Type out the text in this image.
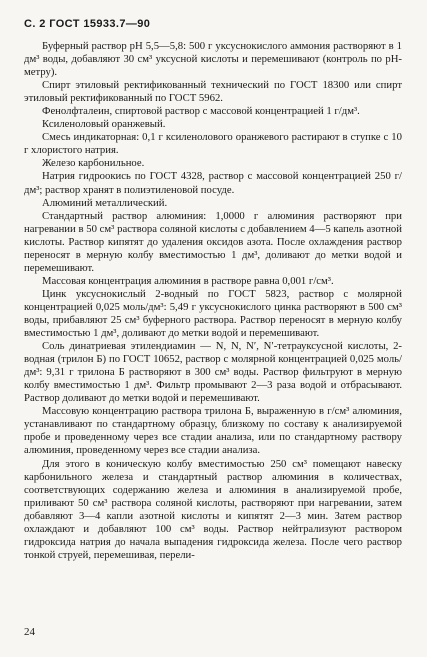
С. 2 ГОСТ 15933.7—90

Буферный раствор pH 5,5—5,8: 500 г уксуснокислого аммония растворяют в 1 дм³ воды, добавляют 30 см³ уксусной кислоты и перемешивают (контроль по pH-метру).

Спирт этиловый ректификованный технический по ГОСТ 18300 или спирт этиловый ректификованный по ГОСТ 5962.

Фенолфталеин, спиртовой раствор с массовой концентрацией 1 г/дм³.

Ксиленоловый оранжевый.

Смесь индикаторная: 0,1 г ксиленолового оранжевого растирают в ступке с 10 г хлористого натрия.

Железо карбонильное.

Натрия гидроокись по ГОСТ 4328, раствор с массовой концентрацией 250 г/дм³; раствор хранят в полиэтиленовой посуде.

Алюминий металлический.

Стандартный раствор алюминия: 1,0000 г алюминия растворяют при нагревании в 50 см³ раствора соляной кислоты с добавлением 4—5 капель азотной кислоты. Раствор кипятят до удаления оксидов азота. После охлаждения раствор переносят в мерную колбу вместимостью 1 дм³, доливают до метки водой и перемешивают.

Массовая концентрация алюминия в растворе равна 0,001 г/см³.

Цинк уксуснокислый 2-водный по ГОСТ 5823, раствор с молярной концентрацией 0,025 моль/дм³: 5,49 г уксуснокислого цинка растворяют в 500 см³ воды, прибавляют 25 см³ буферного раствора. Раствор переносят в мерную колбу вместимостью 1 дм³, доливают до метки водой и перемешивают.

Соль динатриевая этилендиамин — N, N, N′, N′-тетрауксусной кислоты, 2-водная (трилон Б) по ГОСТ 10652, раствор с молярной концентрацией 0,025 моль/дм³: 9,31 г трилона Б растворяют в 300 см³ воды. Раствор фильтруют в мерную колбу вместимостью 1 дм³. Фильтр промывают 2—3 раза водой и отбрасывают. Раствор доливают до метки водой и перемешивают.

Массовую концентрацию раствора трилона Б, выраженную в г/см³ алюминия, устанавливают по стандартному образцу, близкому по составу к анализируемой пробе и проведенному через все стадии анализа, или по стандартному раствору алюминия, проведенному через все стадии анализа.

Для этого в коническую колбу вместимостью 250 см³ помещают навеску карбонильного железа и стандартный раствор алюминия в количествах, соответствующих содержанию железа и алюминия в анализируемой пробе, приливают 50 см³ раствора соляной кислоты, растворяют при нагревании, затем добавляют 3—4 капли азотной кислоты и кипятят 2—3 мин. Затем раствор охлаждают и добавляют 100 см³ воды. Раствор нейтрализуют раствором гидроксида натрия до начала выпадения гидроксида железа. После чего раствор тонкой струей, перемешивая, перели-

24
